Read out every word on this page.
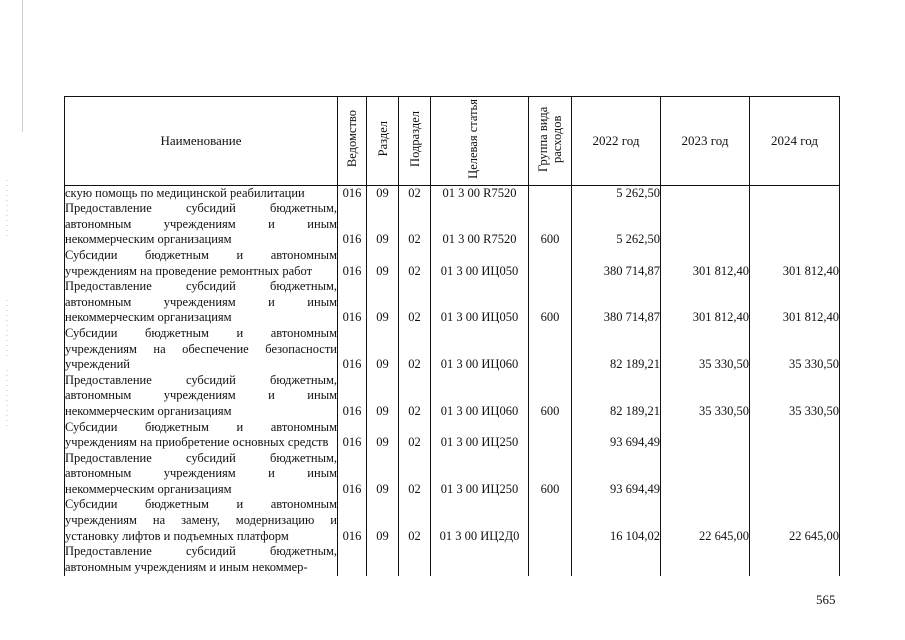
Наименование	Ведомство	Раздел	Подраздел	Целевая статья	Группа вида расходов	2022 год	2023 год	2024 год
скую помощь по медицинской реабилитации	016	09	02	01 3 00 R7520		5 262,50		
Предоставление субсидий бюджетным, автономным учреждениям и иным некоммерческим организациям	016	09	02	01 3 00 R7520	600	5 262,50		
Субсидии бюджетным и автономным учреждениям на проведение ремонтных работ	016	09	02	01 3 00 ИЦ050		380 714,87	301 812,40	301 812,40
Предоставление субсидий бюджетным, автономным учреждениям и иным некоммерческим организациям	016	09	02	01 3 00 ИЦ050	600	380 714,87	301 812,40	301 812,40
Субсидии бюджетным и автономным учреждениям на обеспечение безопасности учреждений	016	09	02	01 3 00 ИЦ060		82 189,21	35 330,50	35 330,50
Предоставление субсидий бюджетным, автономным учреждениям и иным некоммерческим организациям	016	09	02	01 3 00 ИЦ060	600	82 189,21	35 330,50	35 330,50
Субсидии бюджетным и автономным учреждениям на приобретение основных средств	016	09	02	01 3 00 ИЦ250		93 694,49		
Предоставление субсидий бюджетным, автономным учреждениям и иным некоммерческим организациям	016	09	02	01 3 00 ИЦ250	600	93 694,49		
Субсидии бюджетным и автономным учреждениям на замену, модернизацию и установку лифтов и подъемных платформ	016	09	02	01 3 00 ИЦ2Д0		16 104,02	22 645,00	22 645,00
Предоставление субсидий бюджетным, автономным учреждениям и иным некоммер-								
565
